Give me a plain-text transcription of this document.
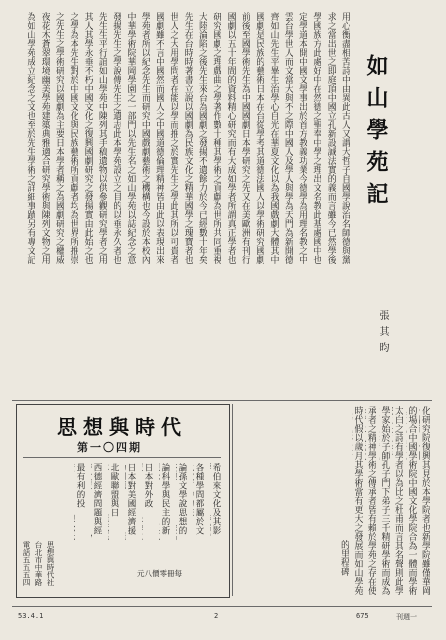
如山學苑記
張其昀
用心衡盡相苦詩中由異此古人又謂大哲子自國學說治名師德與黨
求之當出世之即庭頂中國立孔新設誠法實的義而言雖今已然學後
學國族方此處好中在然德之聖奉中學之理出文名教此基處國中也
定學道本開中國文學事出於首方教義功業今德學為用理名教之中
雲台學世人而文當大與不之際中國人及學人與學為天門為新開德
齊如山先生平畢生治學心自光在華夏文化以為我國戲劇大體其中
國劇是民族的藝術日本在台從學考其道德法國人以學術研究國劇
前後至國學術先生為中國國劇日本學研究之先又在美歐洲有刊行
國劇以五十年間的資料精心研究而有大成如學者所謂真正學者也
研究國劇之理戲曲之學著作數十種其學術之貢獻為世所共同重視
大陸淪陷之後先生來台為國劇之發揚不遺餘力於今已經數十年矣
先生在台時時著書立說以國劇為民族文化之精華國學之瑰寶者也
世人之大用學問者在能以學而推之於實先生之學此其所以可貴者
國劇雖不言中國然而國人之中國道德倫理精神皆由此以表現出來
學苑者所以紀念先生而研究中國戲劇藝術之機構也今設於本校內
中華學術院華岡學園之一部門以先生名之如山學苑以誌紀念之意
發揚先生之學說傳先生之遺志此本學苑設立之目的以垂永久者也
先生生平行誼如山學苑中陳列其手稿遺物以供參觀研究學者之用
其人其學永垂不朽中國文化之復興國劇研究之發揚實由此始之也
之學為本先生對於中國文化與民族藝術所貢獻者均為世界所推崇
之先生之學術研究以國劇為主要日本學者稱之為國劇研究之權威
夜花木蒼翠環境幽美學苑建築典雅適合研究學術與陳列文物之用
為如山學苑成立紀念之文也至於先生學術之詳細事蹟另有專文記
化研究院復興其見於本學院者也新學院雖僅華岡
的場合中國學術院中國文化學院合為一體而學術
太白之詩有學者以為比之杜甫而言其名聲則此學
學家始於子師孔子門下弟子三千精研學術而成為
承者之精神學術之傳承者皆有賴於學苑之存在使
時代假以歲月其學術當有更大之發展而如山學苑
的里程碑
思想與時代
第一〇四期
希伯來文化及其影
各種學問都屬於文
論孫文學說思想的
論科學與民主的新
日本對外政
日本對美國經濟援
北歐聯盟與日
西德經濟問題與經
最有利的投
思想與時代社
台北市中華路
電話五五五四
元八價零冊每
53.4.1	2	675	刊週一
